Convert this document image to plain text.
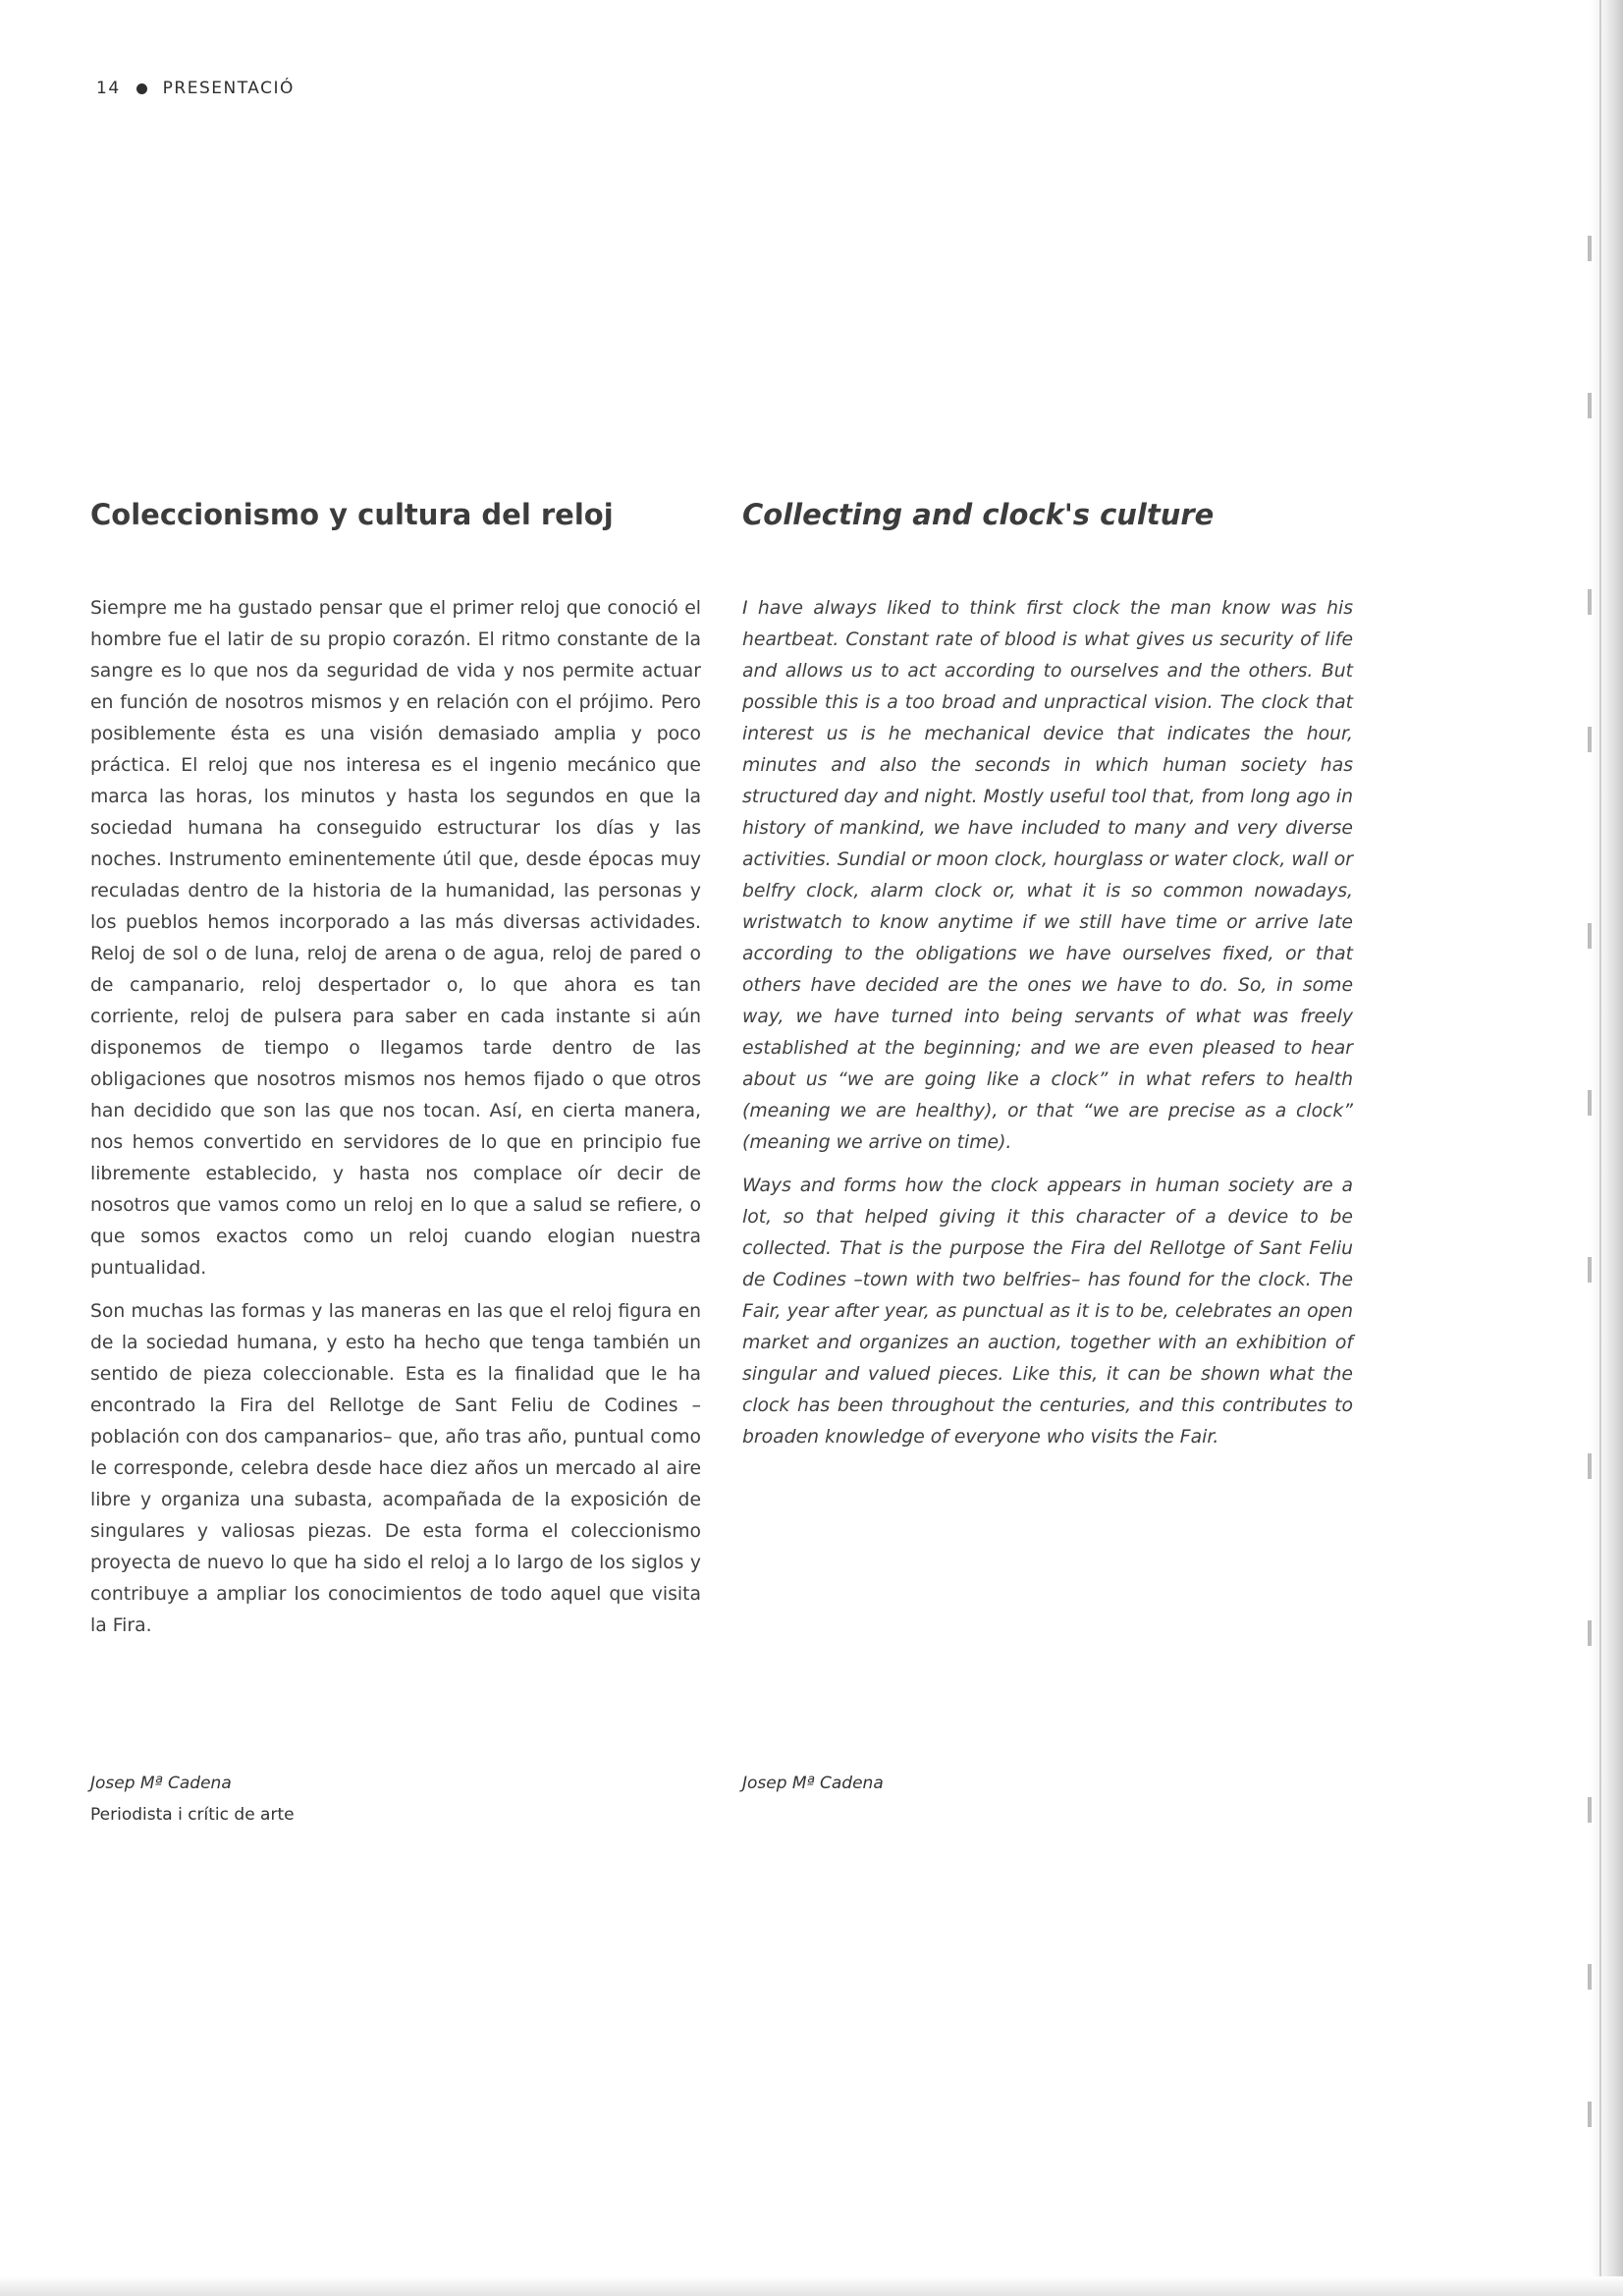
14	PRESENTACIÓ
Coleccionismo y cultura del reloj	Collecting and clock's culture

Siempre me ha gustado pensar que el primer reloj que conoció el hombre fue el latir de su propio corazón. El ritmo constante de la sangre es lo que nos da seguridad de vida y nos permite actuar en función de nosotros mismos y en relación con el prójimo. Pero posiblemente ésta es una visión demasiado amplia y poco práctica. El reloj que nos interesa es el ingenio mecánico que marca las horas, los minutos y hasta los segundos en que la sociedad humana ha conseguido estructurar los días y las noches. Instrumento eminentemente útil que, desde épocas muy reculadas dentro de la historia de la humanidad, las personas y los pueblos hemos incorporado a las más diversas actividades. Reloj de sol o de luna, reloj de arena o de agua, reloj de pared o de campanario, reloj despertador o, lo que ahora es tan corriente, reloj de pulsera para saber en cada instante si aún disponemos de tiempo o llegamos tarde dentro de las obligaciones que nosotros mismos nos hemos fijado o que otros han decidido que son las que nos tocan. Así, en cierta manera, nos hemos convertido en servidores de lo que en principio fue libremente establecido, y hasta nos complace oír decir de nosotros que vamos como un reloj en lo que a salud se refiere, o que somos exactos como un reloj cuando elogian nuestra puntualidad.

Son muchas las formas y las maneras en las que el reloj figura en de la sociedad humana, y esto ha hecho que tenga también un sentido de pieza coleccionable. Esta es la finalidad que le ha encontrado la Fira del Rellotge de Sant Feliu de Codines –población con dos campanarios– que, año tras año, puntual como le corresponde, celebra desde hace diez años un mercado al aire libre y organiza una subasta, acompañada de la exposición de singulares y valiosas piezas. De esta forma el coleccionismo proyecta de nuevo lo que ha sido el reloj a lo largo de los siglos y contribuye a ampliar los conocimientos de todo aquel que visita la Fira.

I have always liked to think first clock the man know was his heartbeat. Constant rate of blood is what gives us security of life and allows us to act according to ourselves and the others. But possible this is a too broad and unpractical vision. The clock that interest us is he mechanical device that indicates the hour, minutes and also the seconds in which human society has structured day and night. Mostly useful tool that, from long ago in history of mankind, we have included to many and very diverse activities. Sundial or moon clock, hourglass or water clock, wall or belfry clock, alarm clock or, what it is so common nowadays, wristwatch to know anytime if we still have time or arrive late according to the obligations we have ourselves fixed, or that others have decided are the ones we have to do. So, in some way, we have turned into being servants of what was freely established at the beginning; and we are even pleased to hear about us “we are going like a clock” in what refers to health (meaning we are healthy), or that “we are precise as a clock” (meaning we arrive on time).

Ways and forms how the clock appears in human society are a lot, so that helped giving it this character of a device to be collected. That is the purpose the Fira del Rellotge of Sant Feliu de Codines –town with two belfries– has found for the clock. The Fair, year after year, as punctual as it is to be, celebrates an open market and organizes an auction, together with an exhibition of singular and valued pieces. Like this, it can be shown what the clock has been throughout the centuries, and this contributes to broaden knowledge of everyone who visits the Fair.

Josep Mª Cadena
Periodista i crític de arte
Josep Mª Cadena
